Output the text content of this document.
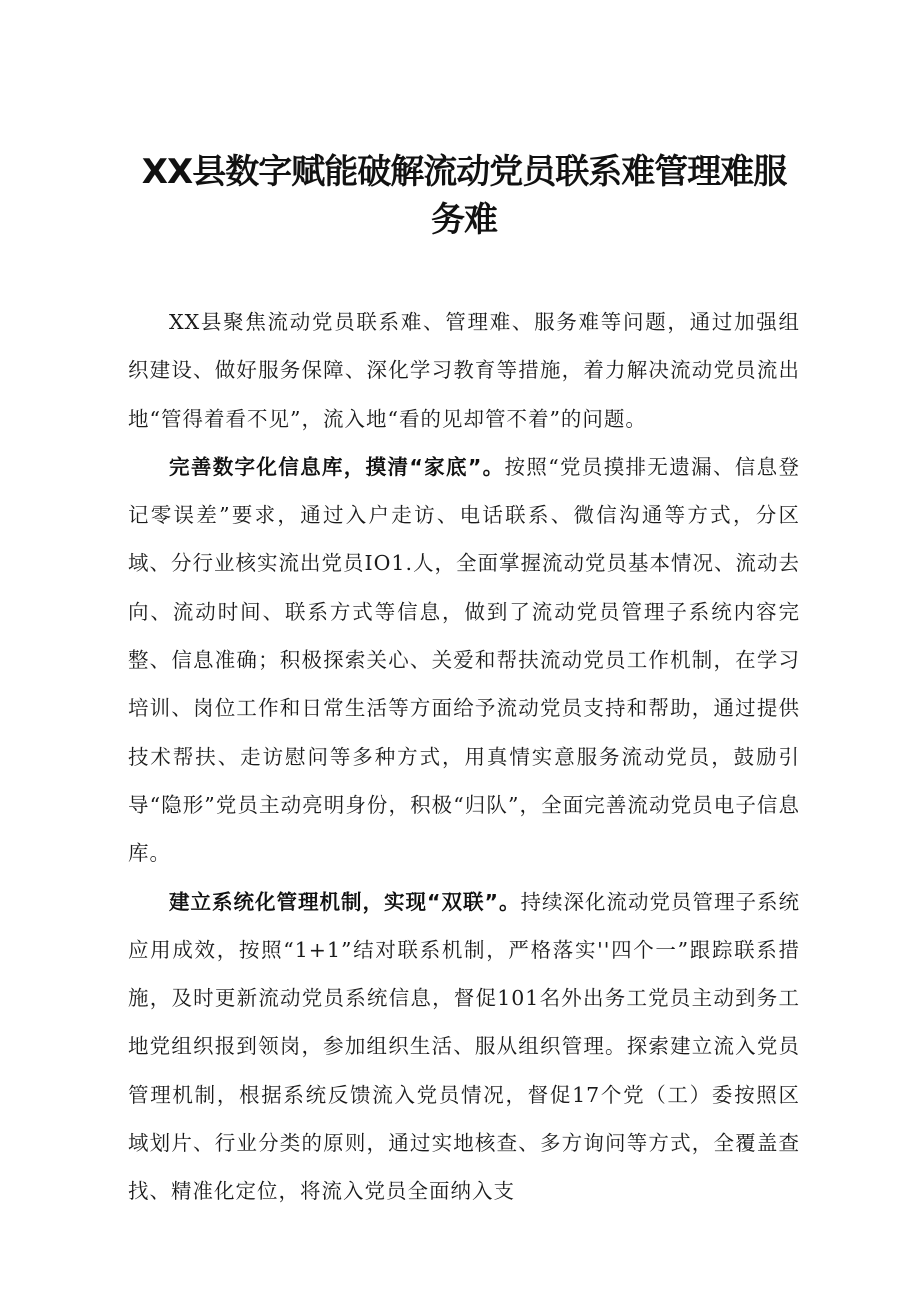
XX县数字赋能破解流动党员联系难管理难服
务难

XX县聚焦流动党员联系难、管理难、服务难等问题，通过加强组织建设、做好服务保障、深化学习教育等措施，着力解决流动党员流出地“管得着看不见”，流入地“看的见却管不着”的问题。

完善数字化信息库，摸清“家底”。按照“党员摸排无遗漏、信息登记零误差”要求，通过入户走访、电话联系、微信沟通等方式，分区域、分行业核实流出党员IO1.人，全面掌握流动党员基本情况、流动去向、流动时间、联系方式等信息，做到了流动党员管理子系统内容完整、信息准确；积极探索关心、关爱和帮扶流动党员工作机制，在学习培训、岗位工作和日常生活等方面给予流动党员支持和帮助，通过提供技术帮扶、走访慰问等多种方式，用真情实意服务流动党员，鼓励引导“隐形”党员主动亮明身份，积极“归队”，全面完善流动党员电子信息库。

建立系统化管理机制，实现“双联”。持续深化流动党员管理子系统应用成效，按照“1+1”结对联系机制，严格落实''四个一”跟踪联系措施，及时更新流动党员系统信息，督促101名外出务工党员主动到务工地党组织报到领岗，参加组织生活、服从组织管理。探索建立流入党员管理机制，根据系统反馈流入党员情况，督促17个党（工）委按照区域划片、行业分类的原则，通过实地核查、多方询问等方式，全覆盖查找、精准化定位，将流入党员全面纳入支
